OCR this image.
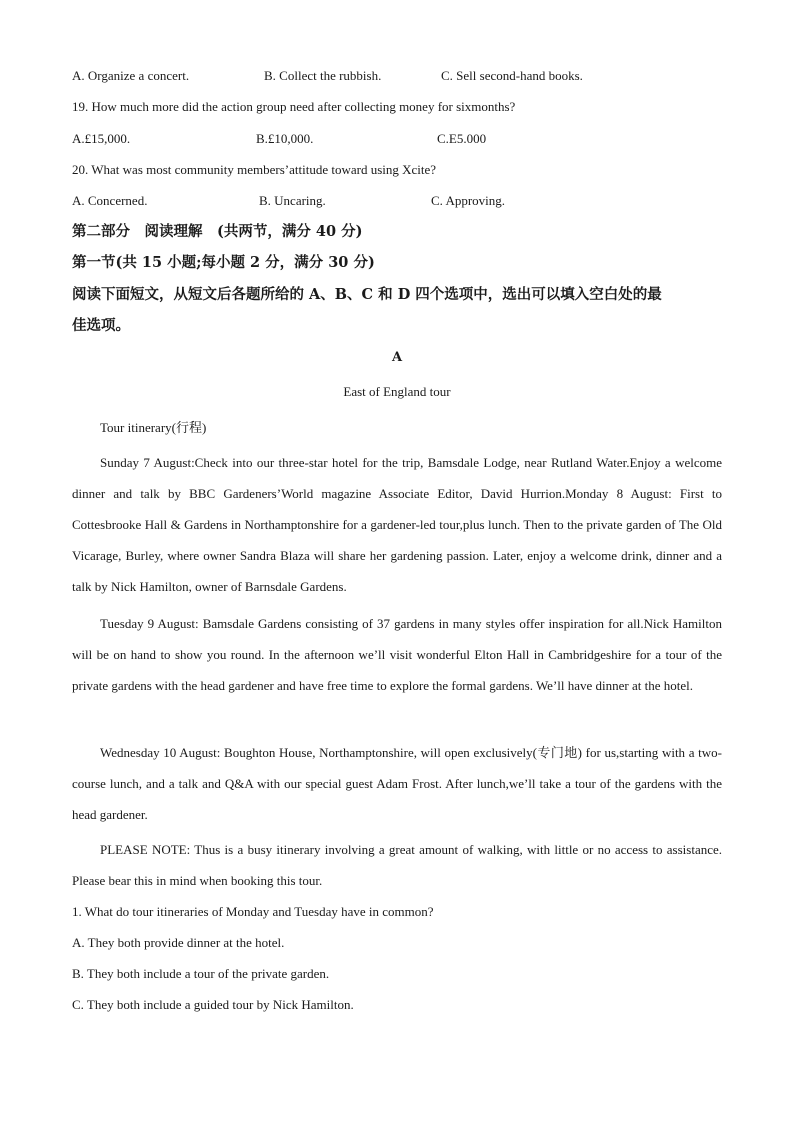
A. Organize a concert.	B. Collect the rubbish.	C. Sell second-hand books.
19. How much more did the action group need after collecting money for sixmonths?
A.£15,000.	B.£10,000.	C.E5.000
20. What was most community members’attitude toward using Xcite?
A. Concerned.	B. Uncaring.	C. Approving.
第二部分　阅读理解　(共两节，满分 40 分)
第一节(共 15 小题;每小题 2 分，满分 30 分)
阅读下面短文，从短文后各题所给的 A、B、C 和 D 四个选项中，选出可以填入空白处的最
佳选项。
A
East of England tour
Tour itinerary(行程)
Sunday 7 August:Check into our three-star hotel for the trip, Bamsdale Lodge, near Rutland Water.Enjoy a welcome dinner and talk by BBC Gardeners’World magazine Associate Editor, David Hurrion.Monday 8 August: First to Cottesbrooke Hall & Gardens in Northamptonshire for a gardener-led tour,plus lunch. Then to the private garden of The Old Vicarage, Burley, where owner Sandra Blaza will share her gardening passion. Later, enjoy a welcome drink, dinner and a talk by Nick Hamilton, owner of Barnsdale Gardens.
Tuesday 9 August: Bamsdale Gardens consisting of 37 gardens in many styles offer inspiration for all.Nick Hamilton will be on hand to show you round. In the afternoon we’ll visit wonderful Elton Hall in Cambridgeshire for a tour of the private gardens with the head gardener and have free time to explore the formal gardens. We’ll have dinner at the hotel.
Wednesday 10 August: Boughton House, Northamptonshire, will open exclusively(专门地) for us,starting with a two- course lunch, and a talk and Q&A with our special guest Adam Frost. After lunch,we’ll take a tour of the gardens with the head gardener.
PLEASE NOTE: Thus is a busy itinerary involving a great amount of walking, with little or no access to assistance. Please bear this in mind when booking this tour.
1. What do tour itineraries of Monday and Tuesday have in common?
A. They both provide dinner at the hotel.
B. They both include a tour of the private garden.
C. They both include a guided tour by Nick Hamilton.
